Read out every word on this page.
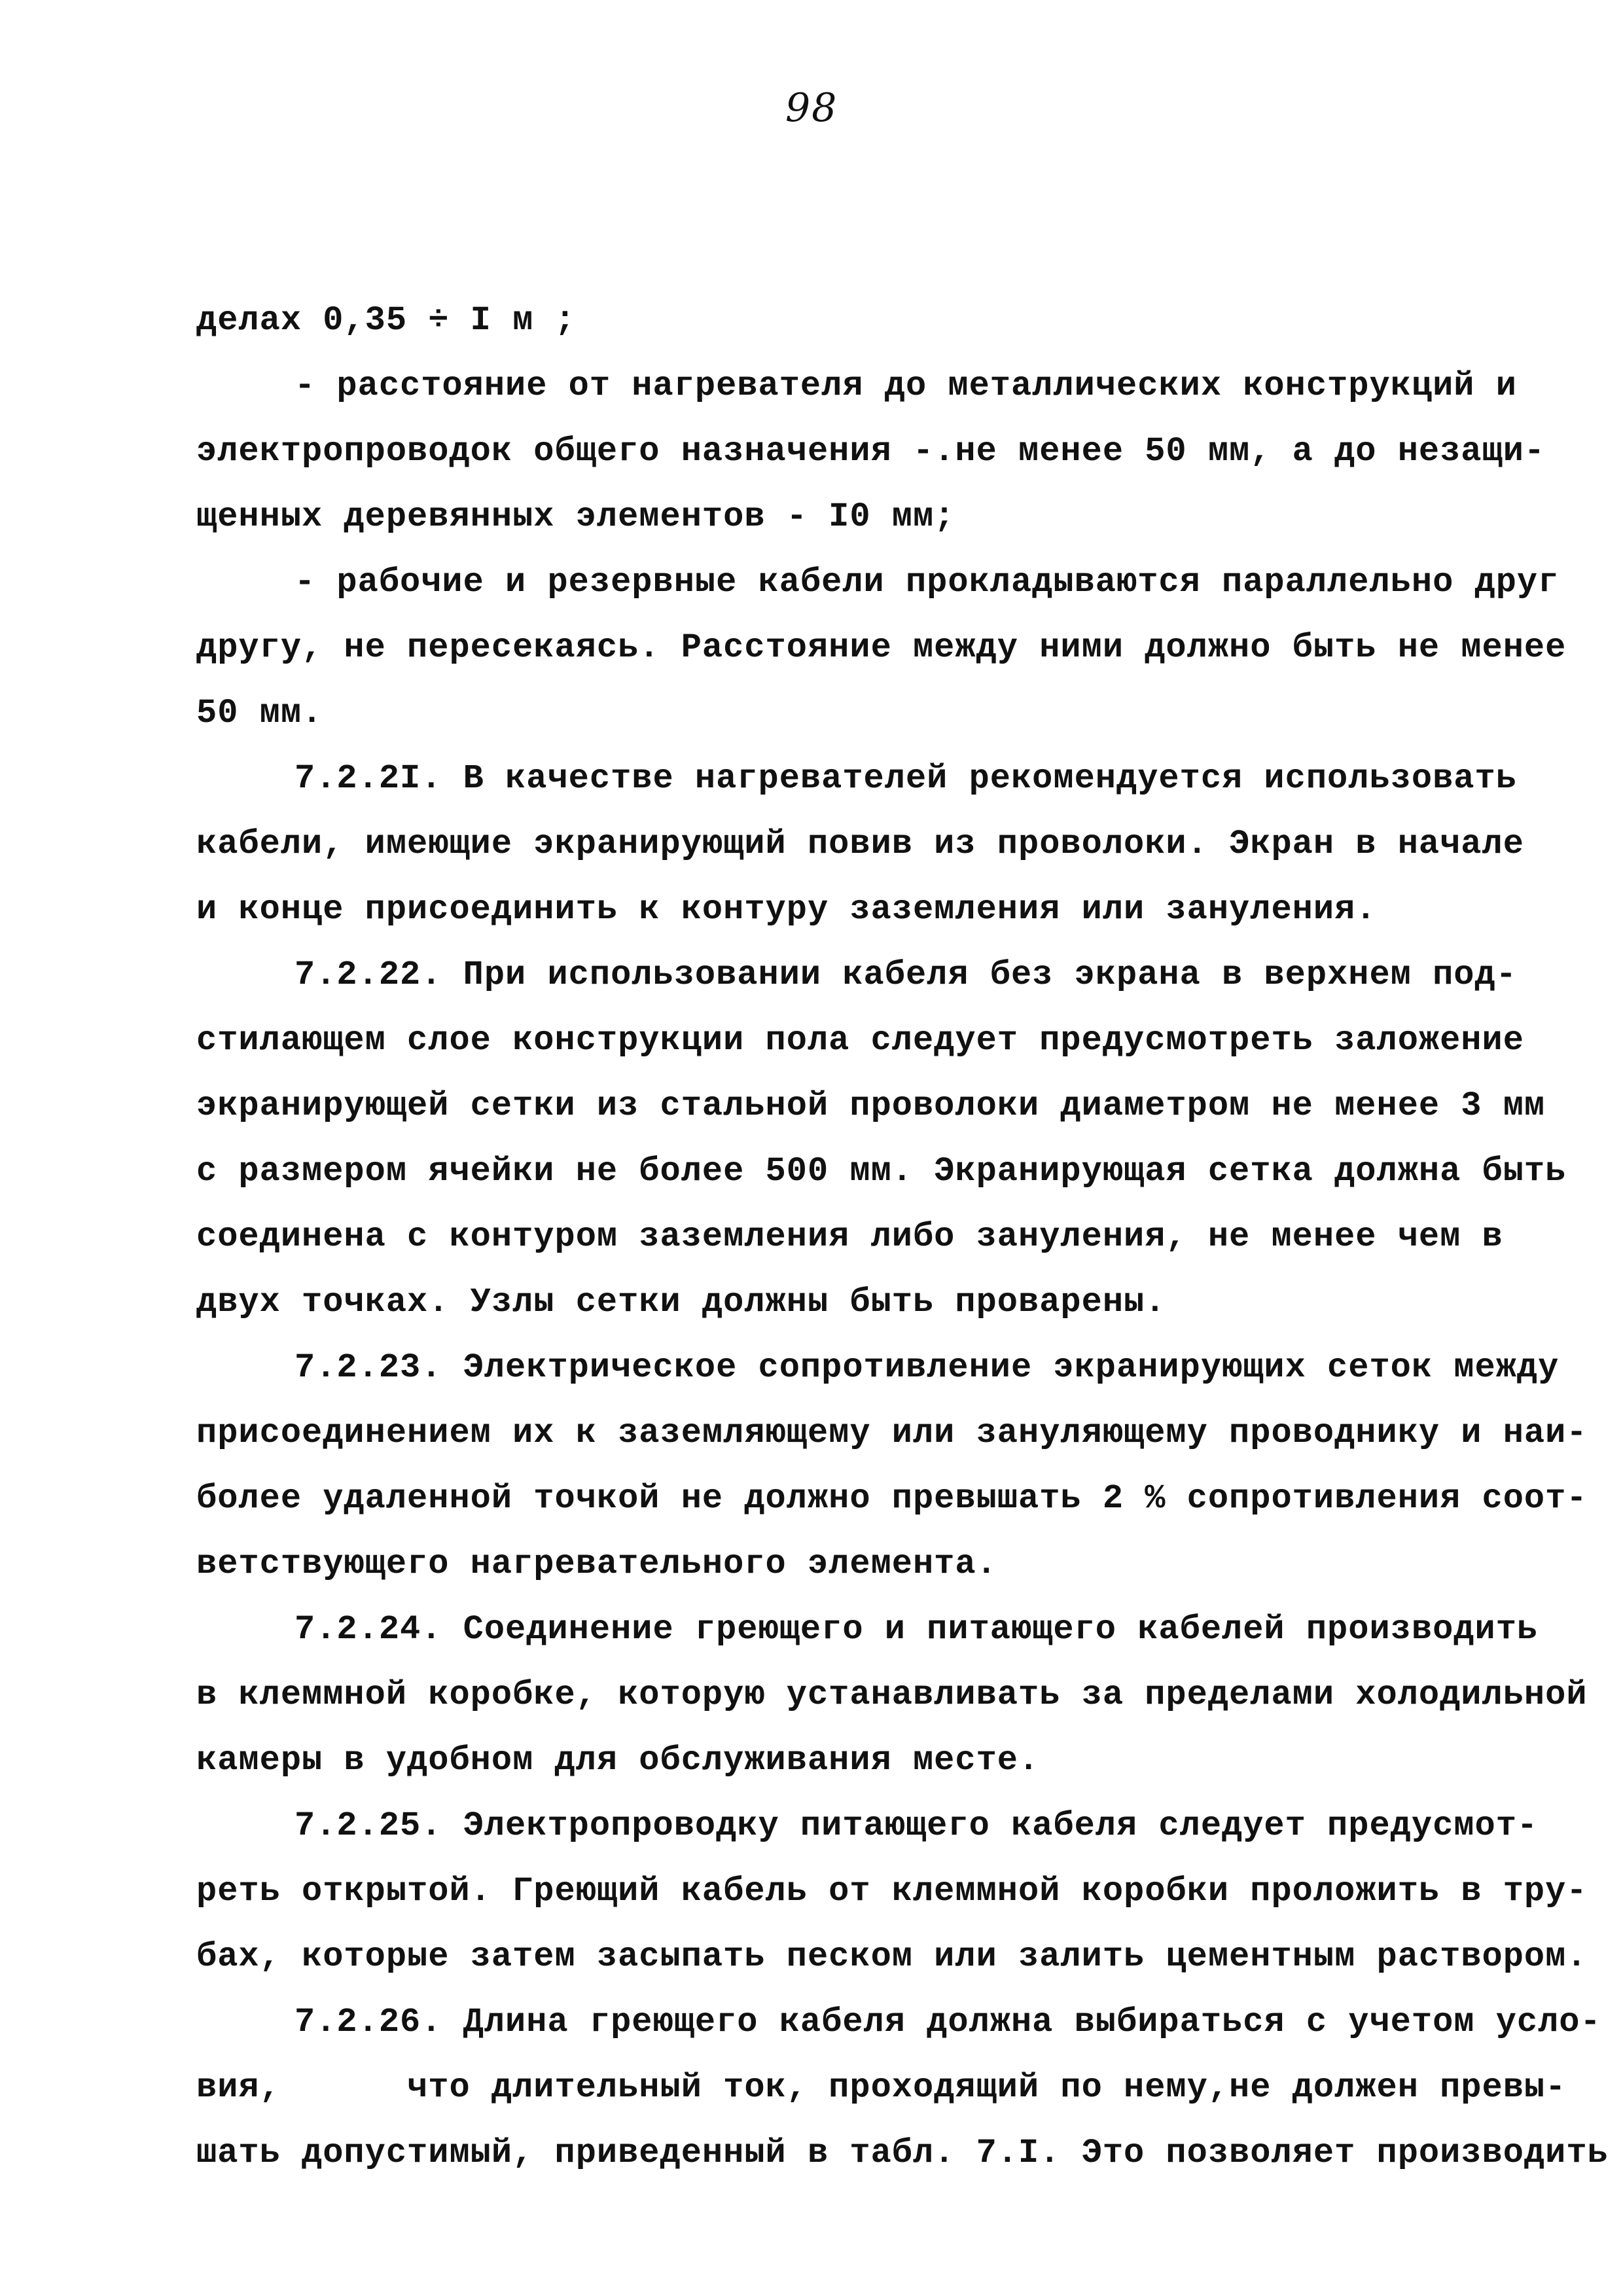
98
делах 0,35 ÷ I м ;
- расстояние от нагревателя до металлических конструкций и
электропроводок общего назначения -.не менее 50 мм, а до незащи-
щенных деревянных элементов - I0 мм;
- рабочие и резервные кабели прокладываются параллельно друг
другу, не пересекаясь. Расстояние между ними должно быть не менее
50 мм.
7.2.2I. В качестве нагревателей рекомендуется использовать
кабели, имеющие экранирующий повив из проволоки. Экран в начале
и конце присоединить к контуру заземления или зануления.
7.2.22. При использовании кабеля без экрана в верхнем под-
стилающем слое конструкции пола следует предусмотреть заложение
экранирующей сетки из стальной проволоки диаметром не менее 3 мм
с размером ячейки не более 500 мм. Экранирующая сетка должна быть
соединена с контуром заземления либо зануления, не менее чем в
двух точках. Узлы сетки должны быть проварены.
7.2.23. Электрическое сопротивление экранирующих сеток между
присоединением их к заземляющему или зануляющему проводнику и наи-
более удаленной точкой не должно превышать 2 % сопротивления соот-
ветствующего нагревательного элемента.
7.2.24. Соединение греющего и питающего кабелей производить
в клеммной коробке, которую устанавливать за пределами холодильной
камеры в удобном для обслуживания месте.
7.2.25. Электропроводку питающего кабеля следует предусмот-
реть открытой. Греющий кабель от клеммной коробки проложить в тру-
бах, которые затем засыпать песком или залить цементным раствором.
7.2.26. Длина греющего кабеля должна выбираться с учетом усло-
вия,      что длительный ток, проходящий по нему,не должен превы-
шать допустимый, приведенный в табл. 7.I. Это позволяет производить
